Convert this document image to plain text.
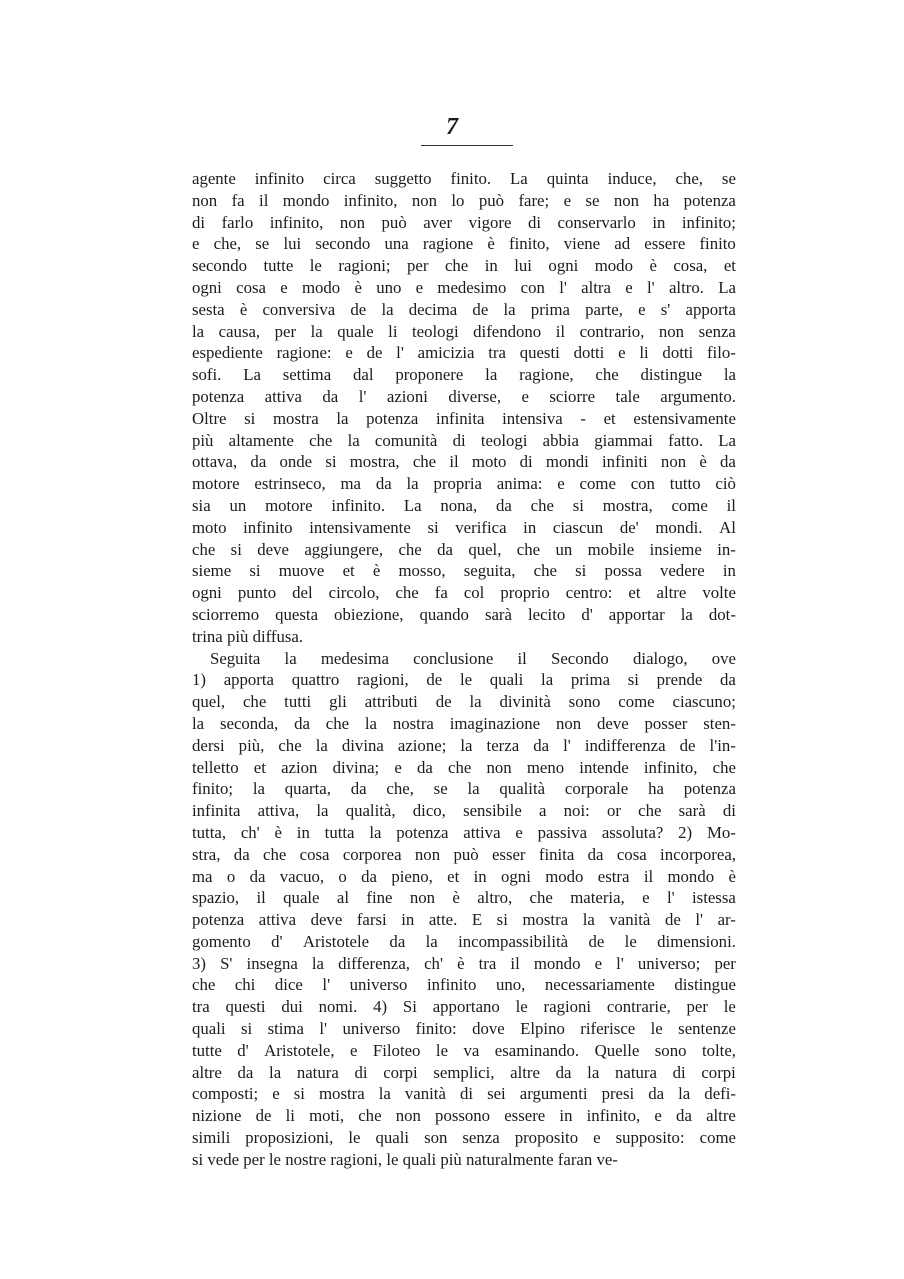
7
agente infinito circa suggetto finito. La quinta induce, che, se
non fa il mondo infinito, non lo può fare; e se non ha potenza
di farlo infinito, non può aver vigore di conservarlo in infinito;
e che, se lui secondo una ragione è finito, viene ad essere finito
secondo tutte le ragioni; per che in lui ogni modo è cosa, et
ogni cosa e modo è uno e medesimo con l' altra e l' altro. La
sesta è conversiva de la decima de la prima parte, e s' apporta
la causa, per la quale li teologi difendono il contrario, non senza
espediente ragione: e de l' amicizia tra questi dotti e li dotti filo-
sofi. La settima dal proponere la ragione, che distingue la
potenza attiva da l' azioni diverse, e sciorre tale argumento.
Oltre si mostra la potenza infinita intensiva - et estensivamente
più altamente che la comunità di teologi abbia giammai fatto. La
ottava, da onde si mostra, che il moto di mondi infiniti non è da
motore estrinseco, ma da la propria anima: e come con tutto ciò
sia un motore infinito. La nona, da che si mostra, come il
moto infinito intensivamente si verifica in ciascun de' mondi. Al
che si deve aggiungere, che da quel, che un mobile insieme in-
sieme si muove et è mosso, seguita, che si possa vedere in
ogni punto del circolo, che fa col proprio centro: et altre volte
sciorremo questa obiezione, quando sarà lecito d' apportar la dot-
trina più diffusa.
Seguita la medesima conclusione il Secondo dialogo, ove
1) apporta quattro ragioni, de le quali la prima si prende da
quel, che tutti gli attributi de la divinità sono come ciascuno;
la seconda, da che la nostra imaginazione non deve posser sten-
dersi più, che la divina azione; la terza da l' indifferenza de l'in-
telletto et azion divina; e da che non meno intende infinito, che
finito; la quarta, da che, se la qualità corporale ha potenza
infinita attiva, la qualità, dico, sensibile a noi: or che sarà di
tutta, ch' è in tutta la potenza attiva e passiva assoluta? 2) Mo-
stra, da che cosa corporea non può esser finita da cosa incorporea,
ma o da vacuo, o da pieno, et in ogni modo estra il mondo è
spazio, il quale al fine non è altro, che materia, e l' istessa
potenza attiva deve farsi in atte. E si mostra la vanità de l' ar-
gomento d' Aristotele da la incompassibilità de le dimensioni.
3) S' insegna la differenza, ch' è tra il mondo e l' universo; per
che chi dice l' universo infinito uno, necessariamente distingue
tra questi dui nomi. 4) Si apportano le ragioni contrarie, per le
quali si stima l' universo finito: dove Elpino riferisce le sentenze
tutte d' Aristotele, e Filoteo le va esaminando. Quelle sono tolte,
altre da la natura di corpi semplici, altre da la natura di corpi
composti; e si mostra la vanità di sei argumenti presi da la defi-
nizione de li moti, che non possono essere in infinito, e da altre
simili proposizioni, le quali son senza proposito e supposito: come
si vede per le nostre ragioni, le quali più naturalmente faran ve-
